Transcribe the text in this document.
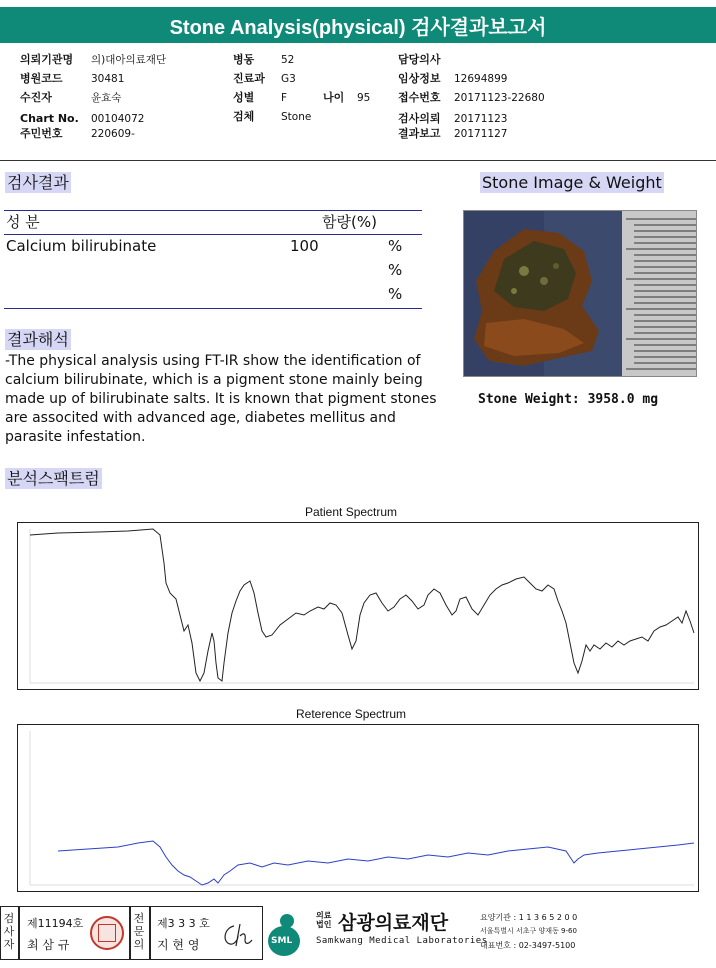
Stone Analysis(physical) 검사결과보고서
의뢰기관명 의)대아의료재단
병원코드	30481
수진자	윤효숙
Chart No. 00104072
주민번호	220609-
병동	52
진료과 G3
성별	F	나이 95
검체	Stone
담당의사
임상정보 12694899
접수번호 20171123-22680
검사의뢰 20171123
결과보고 20171127
검사결과	Stone Image & Weight
성 분	함량(%)
Calcium bilirubinate	100	%
%
%
Stone Weight: 3958.0 mg
결과해석
-The physical analysis using FT-IR show the identification of calcium bilirubinate, which is a pigment stone mainly being made up of bilirubinate salts. It is known that pigment stones are associted with advanced age, diabetes mellitus and parasite infestation.
분석스팩트럼
Patient Spectrum
Reterence Spectrum
검
사
자
제11194호
최 삼 규
전
문
의
제3 3 3 호
지 현 영	SML
의료
법인 삼광의료재단
Samkwang Medical Laboratories
요양기관 : 1 1 3 6 5 2 0 0
서울특별시 서초구 양재동 9-60
대표번호 : 02-3497-5100
